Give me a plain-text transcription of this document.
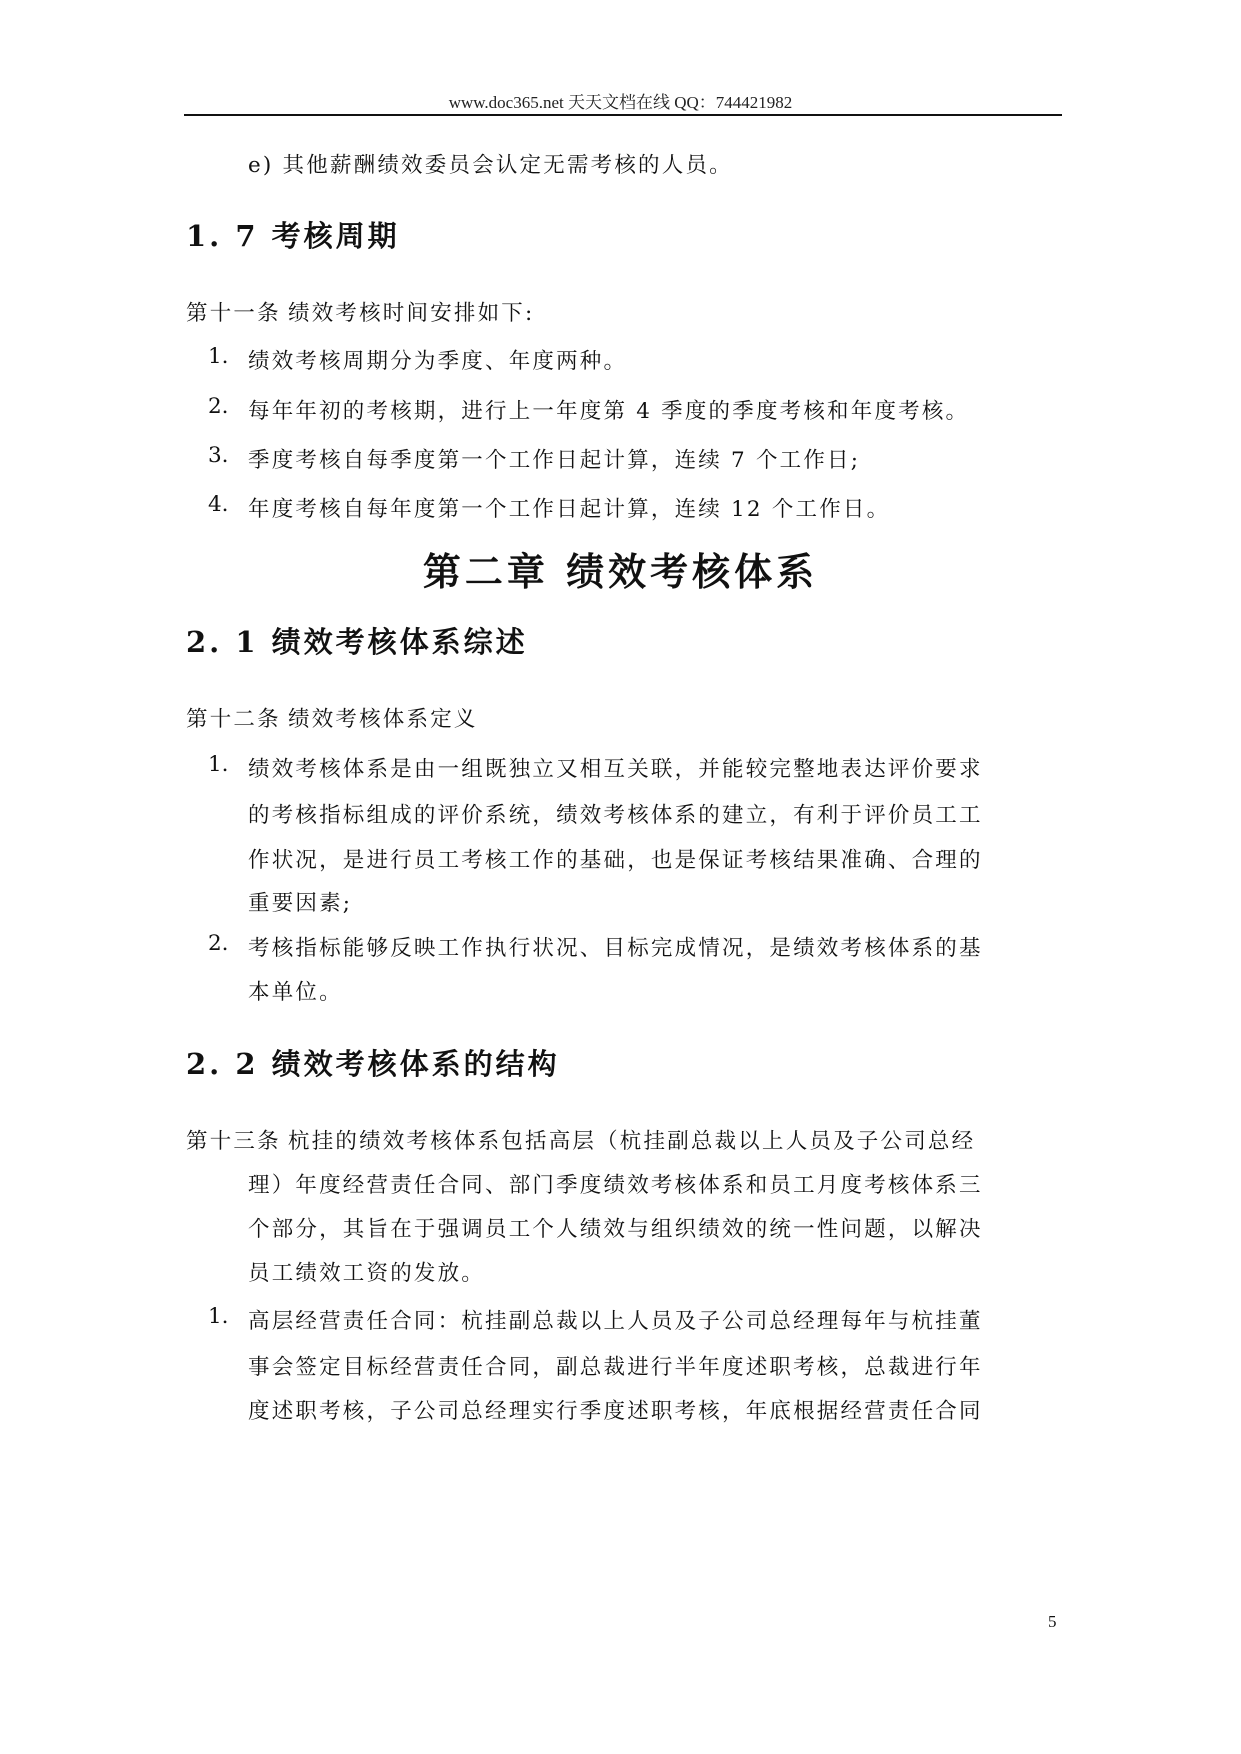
www.doc365.net 天天文档在线 QQ：744421982
e) 其他薪酬绩效委员会认定无需考核的人员。
1. 7 考核周期
第十一条 绩效考核时间安排如下:
1. 绩效考核周期分为季度、年度两种。
2. 每年年初的考核期，进行上一年度第 4 季度的季度考核和年度考核。
3. 季度考核自每季度第一个工作日起计算，连续 7 个工作日;
4. 年度考核自每年度第一个工作日起计算，连续 12 个工作日。
第二章 绩效考核体系
2. 1 绩效考核体系综述
第十二条 绩效考核体系定义
1. 绩效考核体系是由一组既独立又相互关联，并能较完整地表达评价要求
的考核指标组成的评价系统，绩效考核体系的建立，有利于评价员工工
作状况，是进行员工考核工作的基础，也是保证考核结果准确、合理的
重要因素;
2. 考核指标能够反映工作执行状况、目标完成情况，是绩效考核体系的基
本单位。
2. 2 绩效考核体系的结构
第十三条 杭挂的绩效考核体系包括高层（杭挂副总裁以上人员及子公司总经
理）年度经营责任合同、部门季度绩效考核体系和员工月度考核体系三
个部分，其旨在于强调员工个人绩效与组织绩效的统一性问题，以解决
员工绩效工资的发放。
1. 高层经营责任合同：杭挂副总裁以上人员及子公司总经理每年与杭挂董
事会签定目标经营责任合同，副总裁进行半年度述职考核，总裁进行年
度述职考核，子公司总经理实行季度述职考核，年底根据经营责任合同
5
